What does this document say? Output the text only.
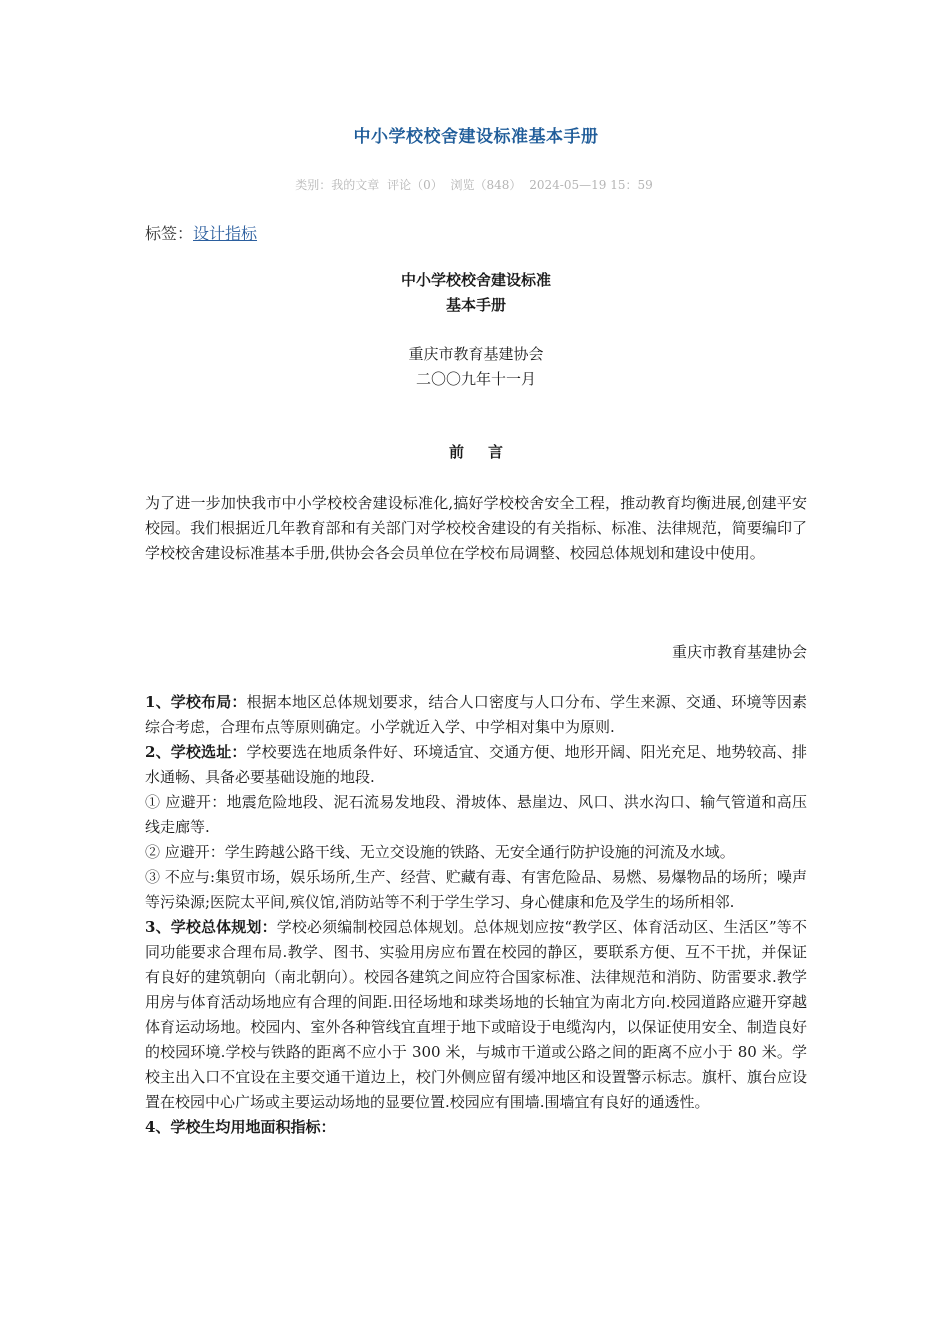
中小学校校舍建设标准基本手册
类别：我的文章 评论（0） 浏览（848） 2024-05—19 15：59
标签：设计指标
中小学校校舍建设标准
基本手册
重庆市教育基建协会
二〇〇九年十一月
前言

为了进一步加快我市中小学校校舍建设标准化,搞好学校校舍安全工程，推动教育均衡进展,创建平安校园。我们根据近几年教育部和有关部门对学校校舍建设的有关指标、标准、法律规范，简要编印了学校校舍建设标准基本手册,供协会各会员单位在学校布局调整、校园总体规划和建设中使用。

重庆市教育基建协会

1、学校布局：根据本地区总体规划要求，结合人口密度与人口分布、学生来源、交通、环境等因素综合考虑，合理布点等原则确定。小学就近入学、中学相对集中为原则.

2、学校选址：学校要选在地质条件好、环境适宜、交通方便、地形开阔、阳光充足、地势较高、排水通畅、具备必要基础设施的地段.

① 应避开：地震危险地段、泥石流易发地段、滑坡体、悬崖边、风口、洪水沟口、输气管道和高压线走廊等.

② 应避开：学生跨越公路干线、无立交设施的铁路、无安全通行防护设施的河流及水域。

③ 不应与:集贸市场，娱乐场所,生产、经营、贮藏有毒、有害危险品、易燃、易爆物品的场所；噪声等污染源;医院太平间,殡仪馆,消防站等不利于学生学习、身心健康和危及学生的场所相邻.

3、学校总体规划：学校必须编制校园总体规划。总体规划应按“教学区、体育活动区、生活区”等不同功能要求合理布局.教学、图书、实验用房应布置在校园的静区，要联系方便、互不干扰，并保证有良好的建筑朝向（南北朝向）。校园各建筑之间应符合国家标准、法律规范和消防、防雷要求.教学用房与体育活动场地应有合理的间距.田径场地和球类场地的长轴宜为南北方向.校园道路应避开穿越体育运动场地。校园内、室外各种管线宜直埋于地下或暗设于电缆沟内，以保证使用安全、制造良好的校园环境.学校与铁路的距离不应小于 300 米，与城市干道或公路之间的距离不应小于 80 米。学校主出入口不宜设在主要交通干道边上，校门外侧应留有缓冲地区和设置警示标志。旗杆、旗台应设置在校园中心广场或主要运动场地的显要位置.校园应有围墙.围墙宜有良好的通透性。

4、学校生均用地面积指标：
